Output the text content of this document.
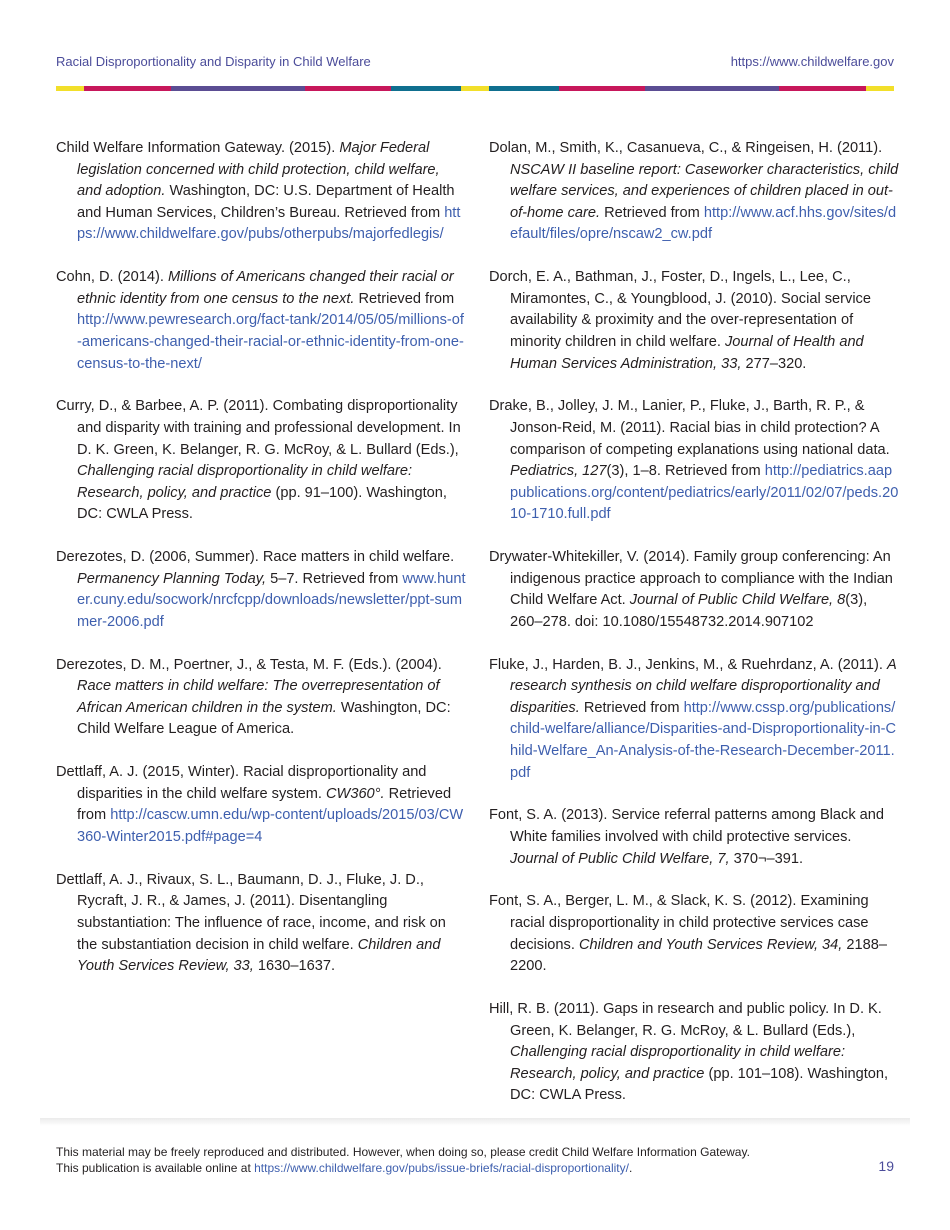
Racial Disproportionality and Disparity in Child Welfare	https://www.childwelfare.gov

Child Welfare Information Gateway. (2015). Major Federal legislation concerned with child protection, child welfare, and adoption. Washington, DC: U.S. Department of Health and Human Services, Children’s Bureau. Retrieved from https://www.childwelfare.gov/pubs/otherpubs/majorfedlegis/

Cohn, D. (2014). Millions of Americans changed their racial or ethnic identity from one census to the next. Retrieved from http://www.pewresearch.org/fact-tank/2014/05/05/millions-of-americans-changed-their-racial-or-ethnic-identity-from-one-census-to-the-next/

Curry, D., & Barbee, A. P. (2011). Combating disproportionality and disparity with training and professional development. In D. K. Green, K. Belanger, R. G. McRoy, & L. Bullard (Eds.), Challenging racial disproportionality in child welfare: Research, policy, and practice (pp. 91–100). Washington, DC: CWLA Press.

Derezotes, D. (2006, Summer). Race matters in child welfare. Permanency Planning Today, 5–7. Retrieved from www.hunter.cuny.edu/socwork/nrcfcpp/downloads/newsletter/ppt-summer-2006.pdf

Derezotes, D. M., Poertner, J., & Testa, M. F. (Eds.). (2004). Race matters in child welfare: The overrepresentation of African American children in the system. Washington, DC: Child Welfare League of America.

Dettlaff, A. J. (2015, Winter). Racial disproportionality and disparities in the child welfare system. CW360°. Retrieved from http://cascw.umn.edu/wp-content/uploads/2015/03/CW360-Winter2015.pdf#page=4

Dettlaff, A. J., Rivaux, S. L., Baumann, D. J., Fluke, J. D., Rycraft, J. R., & James, J. (2011). Disentangling substantiation: The influence of race, income, and risk on the substantiation decision in child welfare. Children and Youth Services Review, 33, 1630–1637.

Dolan, M., Smith, K., Casanueva, C., & Ringeisen, H. (2011). NSCAW II baseline report: Caseworker characteristics, child welfare services, and experiences of children placed in out-of-home care. Retrieved from http://www.acf.hhs.gov/sites/default/files/opre/nscaw2_cw.pdf

Dorch, E. A., Bathman, J., Foster, D., Ingels, L., Lee, C., Miramontes, C., & Youngblood, J. (2010). Social service availability & proximity and the over-representation of minority children in child welfare. Journal of Health and Human Services Administration, 33, 277–320.

Drake, B., Jolley, J. M., Lanier, P., Fluke, J., Barth, R. P., & Jonson-Reid, M. (2011). Racial bias in child protection? A comparison of competing explanations using national data. Pediatrics, 127(3), 1–8. Retrieved from http://pediatrics.aappublications.org/content/pediatrics/early/2011/02/07/peds.2010-1710.full.pdf

Drywater-Whitekiller, V. (2014). Family group conferencing: An indigenous practice approach to compliance with the Indian Child Welfare Act. Journal of Public Child Welfare, 8(3), 260–278. doi: 10.1080/15548732.2014.907102

Fluke, J., Harden, B. J., Jenkins, M., & Ruehrdanz, A. (2011). A research synthesis on child welfare disproportionality and disparities. Retrieved from http://www.cssp.org/publications/child-welfare/alliance/Disparities-and-Disproportionality-in-Child-Welfare_An-Analysis-of-the-Research-December-2011.pdf

Font, S. A. (2013). Service referral patterns among Black and White families involved with child protective services. Journal of Public Child Welfare, 7, 370¬–391.

Font, S. A., Berger, L. M., & Slack, K. S. (2012). Examining racial disproportionality in child protective services case decisions. Children and Youth Services Review, 34, 2188–2200.

Hill, R. B. (2011). Gaps in research and public policy. In D. K. Green, K. Belanger, R. G. McRoy, & L. Bullard (Eds.), Challenging racial disproportionality in child welfare: Research, policy, and practice (pp. 101–108). Washington, DC: CWLA Press.

This material may be freely reproduced and distributed. However, when doing so, please credit Child Welfare Information Gateway.
This publication is available online at https://www.childwelfare.gov/pubs/issue-briefs/racial-disproportionality/.	19
